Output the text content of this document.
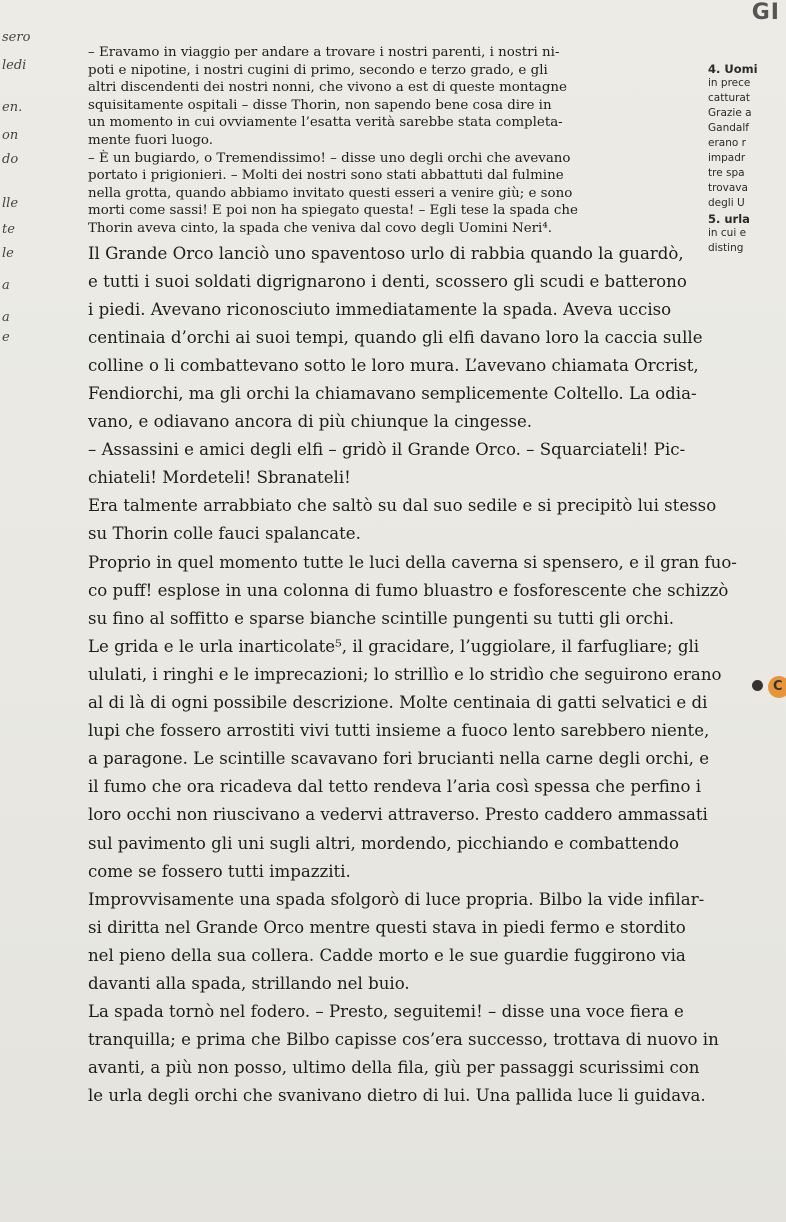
sero
ledi
en.
on
do
lle
te
le
a
a
e
GI
4. Uomi
in prece
catturat
Grazie a
Gandalf
erano r
impadr
tre spa
trovava
degli U
5. urla
in cui e
disting
– Eravamo in viaggio per andare a trovare i nostri parenti, i nostri ni-
poti e nipotine, i nostri cugini di primo, secondo e terzo grado, e gli
altri discendenti dei nostri nonni, che vivono a est di queste montagne
squisitamente ospitali – disse Thorin, non sapendo bene cosa dire in
un momento in cui ovviamente l’esatta verità sarebbe stata completa-
mente fuori luogo.
– È un bugiardo, o Tremendissimo! – disse uno degli orchi che avevano
portato i prigionieri. – Molti dei nostri sono stati abbattuti dal fulmine
nella grotta, quando abbiamo invitato questi esseri a venire giù; e sono
morti come sassi! E poi non ha spiegato questa! – Egli tese la spada che
Thorin aveva cinto, la spada che veniva dal covo degli Uomini Neri⁴.
Il Grande Orco lanciò uno spaventoso urlo di rabbia quando la guardò,
e tutti i suoi soldati digrignarono i denti, scossero gli scudi e batterono
i piedi. Avevano riconosciuto immediatamente la spada. Aveva ucciso
centinaia d’orchi ai suoi tempi, quando gli elfi davano loro la caccia sulle
colline o li combattevano sotto le loro mura. L’avevano chiamata Orcrist,
Fendiorchi, ma gli orchi la chiamavano semplicemente Coltello. La odia-
vano, e odiavano ancora di più chiunque la cingesse.
– Assassini e amici degli elfi – gridò il Grande Orco. – Squarciateli! Pic-
chiateli! Mordeteli! Sbranateli!
Era talmente arrabbiato che saltò su dal suo sedile e si precipitò lui stesso
su Thorin colle fauci spalancate.
Proprio in quel momento tutte le luci della caverna si spensero, e il gran fuo-
co puff! esplose in una colonna di fumo bluastro e fosforescente che schizzò
su fino al soffitto e sparse bianche scintille pungenti su tutti gli orchi.
Le grida e le urla inarticolate⁵, il gracidare, l’uggiolare, il farfugliare; gli
ululati, i ringhi e le imprecazioni; lo strillìo e lo stridìo che seguirono erano
al di là di ogni possibile descrizione. Molte centinaia di gatti selvatici e di
lupi che fossero arrostiti vivi tutti insieme a fuoco lento sarebbero niente,
a paragone. Le scintille scavavano fori brucianti nella carne degli orchi, e
il fumo che ora ricadeva dal tetto rendeva l’aria così spessa che perfino i
loro occhi non riuscivano a vedervi attraverso. Presto caddero ammassati
sul pavimento gli uni sugli altri, mordendo, picchiando e combattendo
come se fossero tutti impazziti.
Improvvisamente una spada sfolgorò di luce propria. Bilbo la vide infilar-
si diritta nel Grande Orco mentre questi stava in piedi fermo e stordito
nel pieno della sua collera. Cadde morto e le sue guardie fuggirono via
davanti alla spada, strillando nel buio.
La spada tornò nel fodero. – Presto, seguitemi! – disse una voce fiera e
tranquilla; e prima che Bilbo capisse cos’era successo, trottava di nuovo in
avanti, a più non posso, ultimo della fila, giù per passaggi scurissimi con
le urla degli orchi che svanivano dietro di lui. Una pallida luce li guidava.
C
